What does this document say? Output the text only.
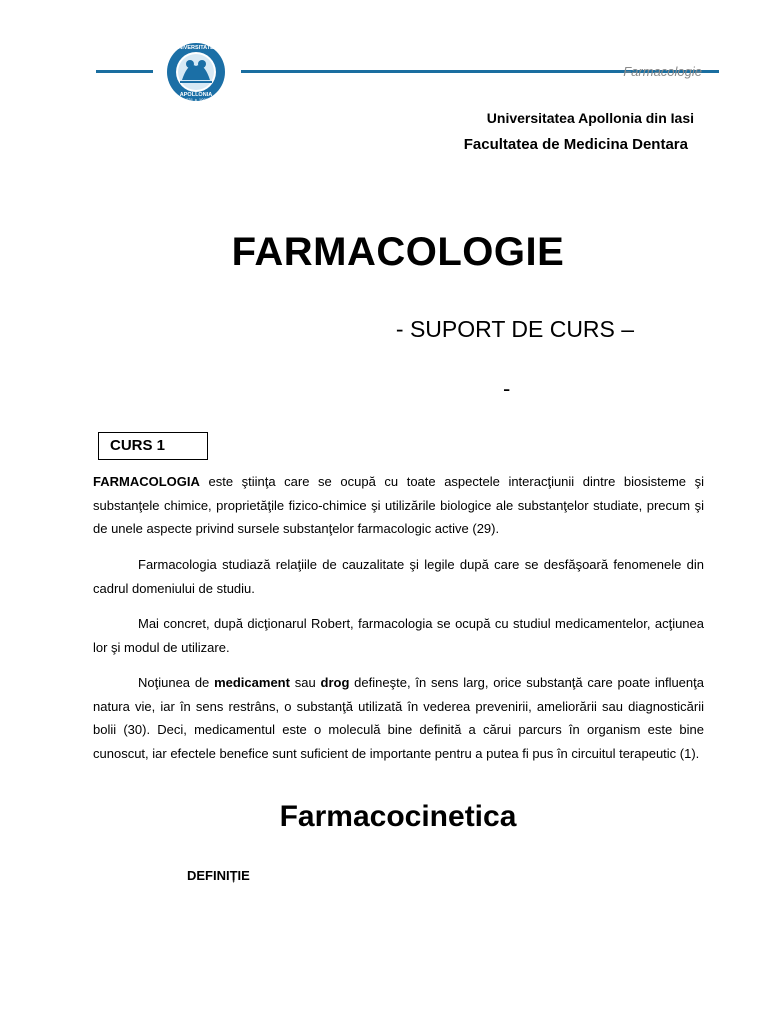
UNIVERSITATEA
APOLLONIA
1831 ✦ 1990
Farmacologie
Universitatea Apollonia din Iasi
Facultatea de Medicina Dentara
FARMACOLOGIE
- SUPORT DE CURS –
-
CURS 1

FARMACOLOGIA este ştiinţa care se ocupă cu toate aspectele interacţiunii dintre biosisteme şi substanţele chimice, proprietăţile fizico-chimice şi utilizările biologice ale substanţelor studiate, precum şi de unele aspecte privind sursele substanţelor farmacologic active (29).

Farmacologia studiază relaţiile de cauzalitate şi legile după care se desfăşoară fenomenele din cadrul domeniului de studiu.

Mai concret, după dicţionarul Robert, farmacologia se ocupă cu studiul medicamentelor, acţiunea lor şi modul de utilizare.

Noţiunea de medicament sau drog defineşte, în sens larg, orice substanţă care poate influenţa natura vie, iar în sens restrâns, o substanţă utilizată în vederea prevenirii, ameliorării sau diagnosticării bolii (30). Deci, medicamentul este o moleculă bine definită a cărui parcurs în organism este bine cunoscut, iar efectele benefice sunt suficient de importante pentru a putea fi pus în circuitul terapeutic (1).

Farmacocinetica
DEFINIȚIE
